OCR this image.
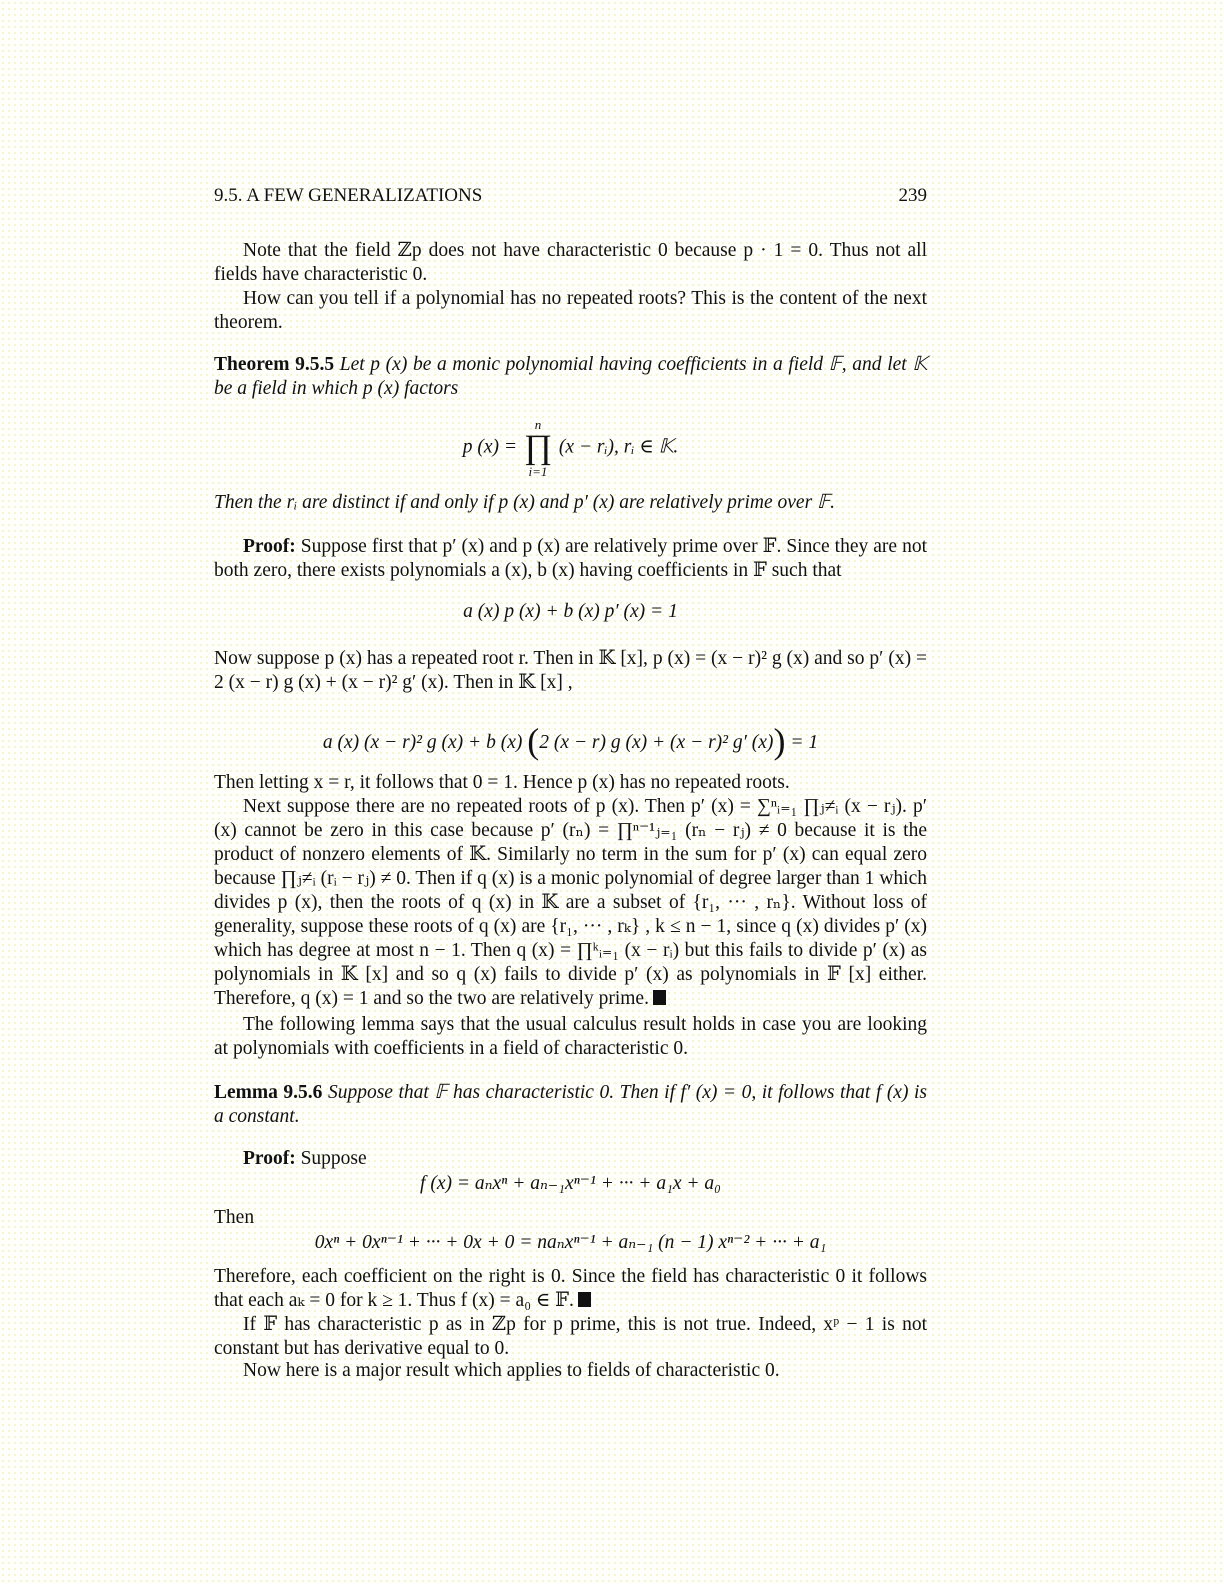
9.5. A FEW GENERALIZATIONS	239
Note that the field ℤp does not have characteristic 0 because p · 1 = 0. Thus not all fields have characteristic 0.
How can you tell if a polynomial has no repeated roots? This is the content of the next theorem.
Theorem 9.5.5 Let p (x) be a monic polynomial having coefficients in a field 𝔽, and let 𝕂 be a field in which p (x) factors
p (x) =
n
∏
i=1
(x − rᵢ), rᵢ ∈ 𝕂.
Then the rᵢ are distinct if and only if p (x) and p′ (x) are relatively prime over 𝔽.
Proof: Suppose first that p′ (x) and p (x) are relatively prime over 𝔽. Since they are not both zero, there exists polynomials a (x), b (x) having coefficients in 𝔽 such that
a (x) p (x) + b (x) p′ (x) = 1
Now suppose p (x) has a repeated root r. Then in 𝕂 [x], p (x) = (x − r)² g (x) and so p′ (x) = 2 (x − r) g (x) + (x − r)² g′ (x). Then in 𝕂 [x] ,
a (x) (x − r)² g (x) + b (x) (2 (x − r) g (x) + (x − r)² g′ (x)) = 1
Then letting x = r, it follows that 0 = 1. Hence p (x) has no repeated roots.
Next suppose there are no repeated roots of p (x). Then p′ (x) = ∑ⁿᵢ₌₁ ∏ⱼ≠ᵢ (x − rⱼ). p′ (x) cannot be zero in this case because p′ (rₙ) = ∏ⁿ⁻¹ⱼ₌₁ (rₙ − rⱼ) ≠ 0 because it is the product of nonzero elements of 𝕂. Similarly no term in the sum for p′ (x) can equal zero because ∏ⱼ≠ᵢ (rᵢ − rⱼ) ≠ 0. Then if q (x) is a monic polynomial of degree larger than 1 which divides p (x), then the roots of q (x) in 𝕂 are a subset of {r₁, ··· , rₙ}. Without loss of generality, suppose these roots of q (x) are {r₁, ··· , rₖ} , k ≤ n − 1, since q (x) divides p′ (x) which has degree at most n − 1. Then q (x) = ∏ᵏᵢ₌₁ (x − rᵢ) but this fails to divide p′ (x) as polynomials in 𝕂 [x] and so q (x) fails to divide p′ (x) as polynomials in 𝔽 [x] either. Therefore, q (x) = 1 and so the two are relatively prime.
The following lemma says that the usual calculus result holds in case you are looking at polynomials with coefficients in a field of characteristic 0.
Lemma 9.5.6 Suppose that 𝔽 has characteristic 0. Then if f′ (x) = 0, it follows that f (x) is a constant.
Proof: Suppose
f (x) = aₙxⁿ + aₙ₋₁xⁿ⁻¹ + ··· + a₁x + a₀
Then
0xⁿ + 0xⁿ⁻¹ + ··· + 0x + 0 = naₙxⁿ⁻¹ + aₙ₋₁ (n − 1) xⁿ⁻² + ··· + a₁
Therefore, each coefficient on the right is 0. Since the field has characteristic 0 it follows that each aₖ = 0 for k ≥ 1. Thus f (x) = a₀ ∈ 𝔽.
If 𝔽 has characteristic p as in ℤp for p prime, this is not true. Indeed, xᵖ − 1 is not constant but has derivative equal to 0.
Now here is a major result which applies to fields of characteristic 0.
